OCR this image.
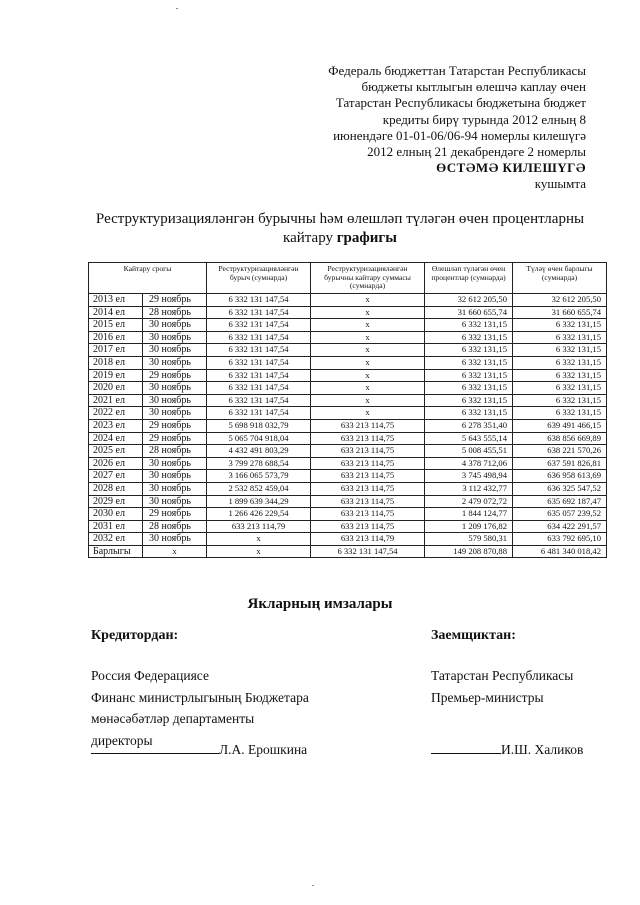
Федераль бюджеттан Татарстан Республикасы
бюджеты кытлыгын өлешчә каплау өчен
Татарстан Республикасы бюджетына бюджет
кредиты бирү турында 2012 елның 8
июнендәге 01-01-06/06-94 номерлы килешүгә
2012 елның 21 декабрендәге 2 номерлы
ӨСТӘМӘ КИЛЕШҮГӘ
кушымта
Реструктуризацияләнгән бурычны һәм өлешләп түләгән өчен процентларны
кайтару графигы
Кайтару срогы		Реструктуризацияләнгән бурыч (сумнарда)	Реструктуризацияләнгән бурычны кайтару суммасы (сумнарда)	Өлешләп түләгән өчен процентлар (сумнарда)	Түләү өчен барлыгы (сумнарда)
2013 ел	29 ноябрь	6 332 131 147,54	х	32 612 205,50	32 612 205,50
2014 ел	28 ноябрь	6 332 131 147,54	х	31 660 655,74	31 660 655,74
2015 ел	30 ноябрь	6 332 131 147,54	х	6 332 131,15	6 332 131,15
2016 ел	30 ноябрь	6 332 131 147,54	х	6 332 131,15	6 332 131,15
2017 ел	30 ноябрь	6 332 131 147,54	х	6 332 131,15	6 332 131,15
2018 ел	30 ноябрь	6 332 131 147,54	х	6 332 131,15	6 332 131,15
2019 ел	29 ноябрь	6 332 131 147,54	х	6 332 131,15	6 332 131,15
2020 ел	30 ноябрь	6 332 131 147,54	х	6 332 131,15	6 332 131,15
2021 ел	30 ноябрь	6 332 131 147,54	х	6 332 131,15	6 332 131,15
2022 ел	30 ноябрь	6 332 131 147,54	х	6 332 131,15	6 332 131,15
2023 ел	29 ноябрь	5 698 918 032,79	633 213 114,75	6 278 351,40	639 491 466,15
2024 ел	29 ноябрь	5 065 704 918,04	633 213 114,75	5 643 555,14	638 856 669,89
2025 ел	28 ноябрь	4 432 491 803,29	633 213 114,75	5 008 455,51	638 221 570,26
2026 ел	30 ноябрь	3 799 278 688,54	633 213 114,75	4 378 712,06	637 591 826,81
2027 ел	30 ноябрь	3 166 065 573,79	633 213 114,75	3 745 498,94	636 958 613,69
2028 ел	30 ноябрь	2 532 852 459,04	633 213 114,75	3 112 432,77	636 325 547,52
2029 ел	30 ноябрь	1 899 639 344,29	633 213 114,75	2 479 072,72	635 692 187,47
2030 ел	29 ноябрь	1 266 426 229,54	633 213 114,75	1 844 124,77	635 057 239,52
2031 ел	28 ноябрь	633 213 114,79	633 213 114,75	1 209 176,82	634 422 291,57
2032 ел	30 ноябрь	х	633 213 114,79	579 580,31	633 792 695,10
Барлыгы	х	х	6 332 131 147,54	149 208 870,88	6 481 340 018,42
Якларның имзалары
Кредитордан:	Заемщиктан:
Россия Федерациясе
Финанс министрлыгының Бюджетара
мөнәсәбәтләр департаменты
директоры
Татарстан Республикасы
Премьер-министры
Л.А. Ерошкина	И.Ш. Халиков
